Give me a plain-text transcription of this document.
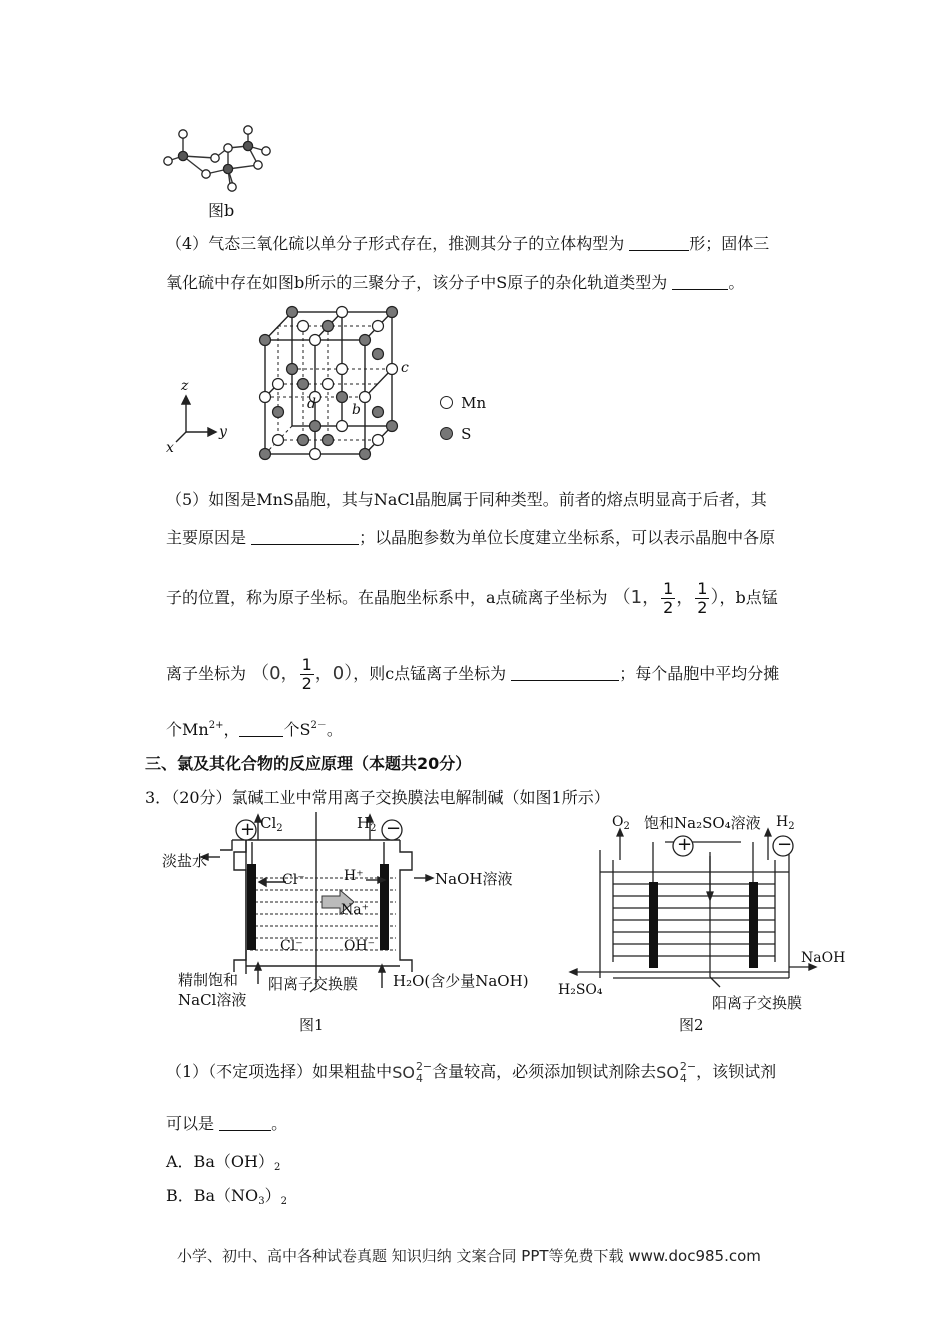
图b
（4）气态三氧化硫以单分子形式存在，推测其分子的立体构型为	形；固体三
氧化硫中存在如图b所示的三聚分子，该分子中S原子的杂化轨道类型为	。
z
y
x
c
b
d	Mn
S
（5）如图是MnS晶胞，其与NaCl晶胞属于同种类型。前者的熔点明显高于后者，其
主要原因是	；以晶胞参数为单位长度建立坐标系，可以表示晶胞中各原
子的位置，称为原子坐标。在晶胞坐标系中，a点硫离子坐标为 （1， $\frac{1}{2}$ ， $\frac{1}{2}$ ），b点锰
离子坐标为 （0， $\frac{1}{2}$ ，0），则c点锰离子坐标为	；每个晶胞中平均分摊
个$Mn^{2+}$，	个$S^{2-}$。
三、氯及其化合物的反应原理（本题共20分）
3．（20分）氯碱工业中常用离子交换膜法电解制碱（如图1所示）
+	−
$Cl_2$	$H_2$
淡盐水
NaOH溶液
Cl⁻	H⁺
Na⁺
Cl⁻	OH⁻
精制饱和
NaCl溶液
阳离子交换膜 H₂O(含少量NaOH)
图1
+	−
$O_2$ 饱和Na₂SO₄溶液 $H_2$
NaOH
H₂SO₄
阳离子交换膜
图2
（1）（不定项选择）如果粗盐中SO 2−
4 含量较高，必须添加钡试剂除去SO 2−
4 ，该钡试剂
可以是	。
A．$Ba(OH)_2$
B．$Ba(NO_3)_2$
小学、初中、高中各种试卷真题 知识归纳 文案合同 PPT等免费下载 www.doc985.com
